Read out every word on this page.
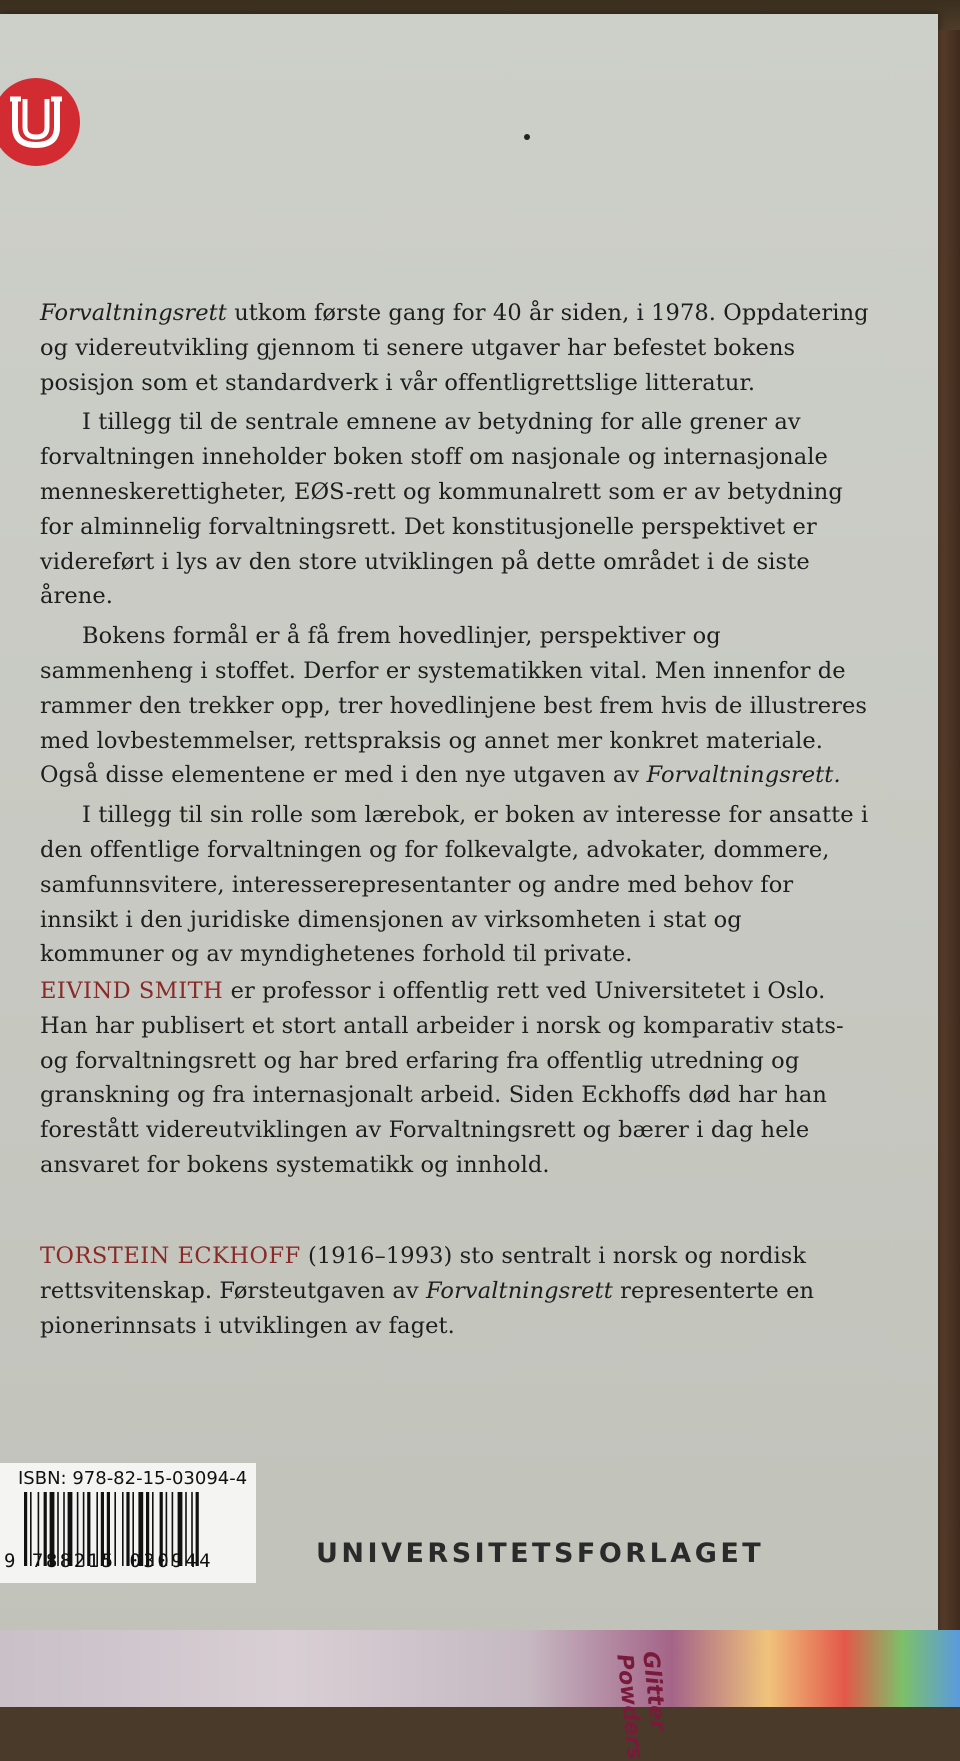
Forvaltningsrett utkom første gang for 40 år siden, i 1978. Oppdatering og videreutvikling gjennom ti senere utgaver har befestet bokens posisjon som et standardverk i vår offentligrettslige litteratur.

I tillegg til de sentrale emnene av betydning for alle grener av forvaltningen inneholder boken stoff om nasjonale og internasjonale menneskerettigheter, EØS-rett og kommunalrett som er av betydning for alminnelig forvaltningsrett. Det konstitusjonelle perspektivet er videreført i lys av den store utviklingen på dette området i de siste årene.

Bokens formål er å få frem hovedlinjer, perspektiver og sammenheng i stoffet. Derfor er systematikken vital. Men innenfor de rammer den trekker opp, trer hovedlinjene best frem hvis de illustreres med lovbestemmelser, rettspraksis og annet mer konkret materiale. Også disse elementene er med i den nye utgaven av Forvaltningsrett.

I tillegg til sin rolle som lærebok, er boken av interesse for ansatte i den offentlige forvaltningen og for folkevalgte, advokater, dommere, samfunnsvitere, interesserepresentanter og andre med behov for innsikt i den juridiske dimensjonen av virksomheten i stat og kommuner og av myndighetenes forhold til private.

EIVIND SMITH er professor i offentlig rett ved Universitetet i Oslo. Han har publisert et stort antall arbeider i norsk og komparativ stats- og forvaltningsrett og har bred erfaring fra offentlig utredning og granskning og fra internasjonalt arbeid. Siden Eckhoffs død har han forestått videreutviklingen av Forvaltningsrett og bærer i dag hele ansvaret for bokens systematikk og innhold.

TORSTEIN ECKHOFF (1916–1993) sto sentralt i norsk og nordisk rettsvitenskap. Førsteutgaven av Forvaltningsrett representerte en pionerinnsats i utviklingen av faget.

ISBN: 978-82-15-03094-4
9 788215 030944	UNIVERSITETSFORLAGET
Glitter Powders
